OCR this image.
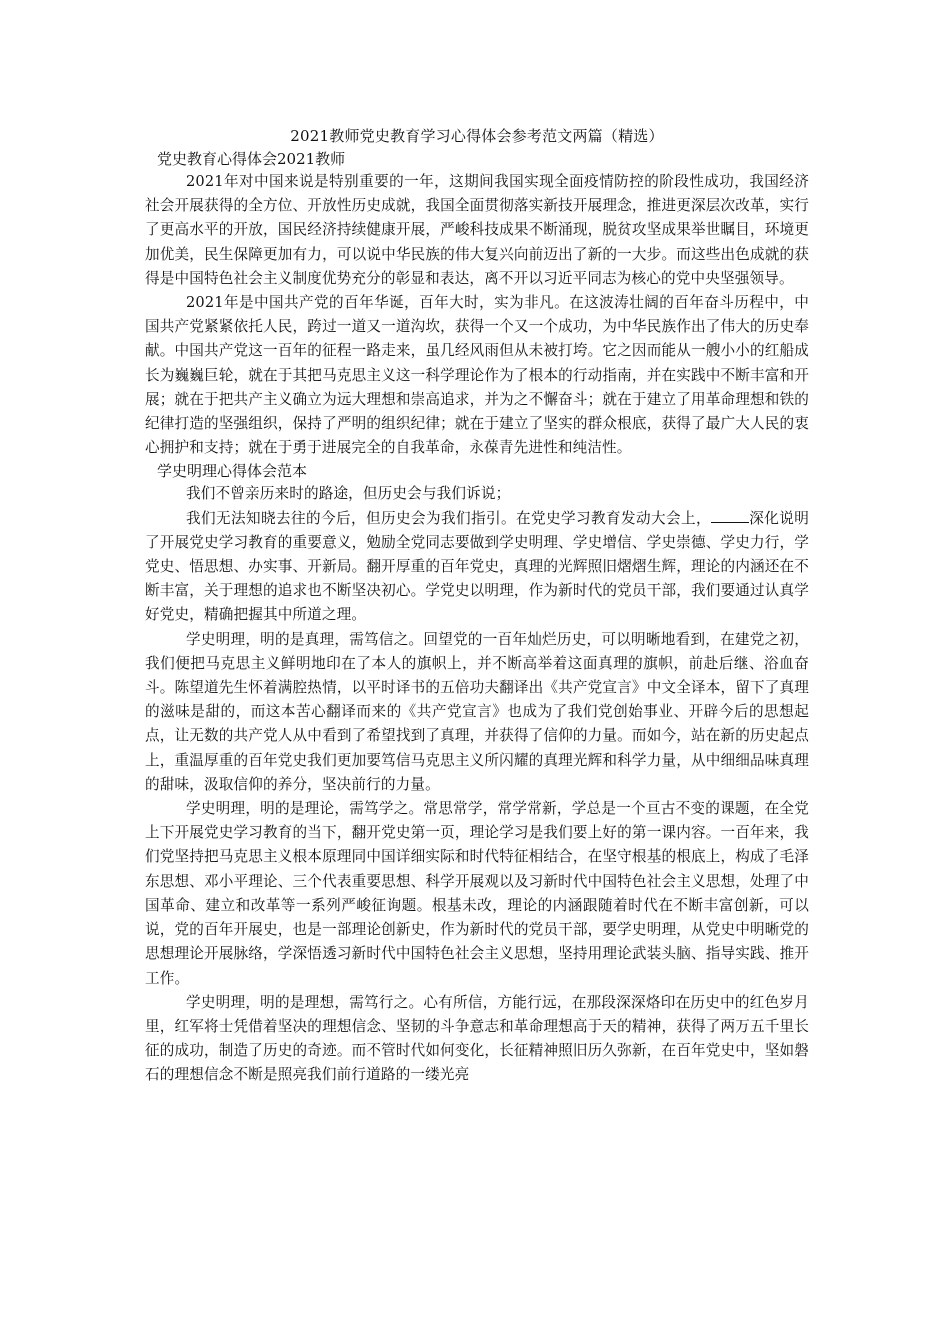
2021教师党史教育学习心得体会参考范文两篇（精选）

党史教育心得体会2021教师

2021年对中国来说是特别重要的一年，这期间我国实现全面疫情防控的阶段性成功，我国经济社会开展获得的全方位、开放性历史成就，我国全面贯彻落实新技开展理念，推进更深层次改革，实行了更高水平的开放，国民经济持续健康开展，严峻科技成果不断涌现，脱贫攻坚成果举世瞩目，环境更加优美，民生保障更加有力，可以说中华民族的伟大复兴向前迈出了新的一大步。而这些出色成就的获得是中国特色社会主义制度优势充分的彰显和表达，离不开以习近平同志为核心的党中央坚强领导。

2021年是中国共产党的百年华诞，百年大时，实为非凡。在这波涛壮阔的百年奋斗历程中，中国共产党紧紧依托人民，跨过一道又一道沟坎，获得一个又一个成功，为中华民族作出了伟大的历史奉献。中国共产党这一百年的征程一路走来，虽几经风雨但从未被打垮。它之因而能从一艘小小的红船成长为巍巍巨轮，就在于其把马克思主义这一科学理论作为了根本的行动指南，并在实践中不断丰富和开展；就在于把共产主义确立为远大理想和崇高追求，并为之不懈奋斗；就在于建立了用革命理想和铁的纪律打造的坚强组织，保持了严明的组织纪律；就在于建立了坚实的群众根底，获得了最广大人民的衷心拥护和支持；就在于勇于进展完全的自我革命，永葆青先进性和纯洁性。

学史明理心得体会范本

我们不曾亲历来时的路途，但历史会与我们诉说；

我们无法知晓去往的今后，但历史会为我们指引。在党史学习教育发动大会上，	深化说明了开展党史学习教育的重要意义，勉励全党同志要做到学史明理、学史增信、学史崇德、学史力行，学党史、悟思想、办实事、开新局。翻开厚重的百年党史，真理的光辉照旧熠熠生辉，理论的内涵还在不断丰富，关于理想的追求也不断坚决初心。学党史以明理，作为新时代的党员干部，我们要通过认真学好党史，精确把握其中所道之理。

学史明理，明的是真理，需笃信之。回望党的一百年灿烂历史，可以明晰地看到，在建党之初，我们便把马克思主义鲜明地印在了本人的旗帜上，并不断高举着这面真理的旗帜，前赴后继、浴血奋斗。陈望道先生怀着满腔热情，以平时译书的五倍功夫翻译出《共产党宣言》中文全译本，留下了真理的滋味是甜的，而这本苦心翻译而来的《共产党宣言》也成为了我们党创始事业、开辟今后的思想起点，让无数的共产党人从中看到了希望找到了真理，并获得了信仰的力量。而如今，站在新的历史起点上，重温厚重的百年党史我们更加要笃信马克思主义所闪耀的真理光辉和科学力量，从中细细品味真理的甜味，汲取信仰的养分，坚决前行的力量。

学史明理，明的是理论，需笃学之。常思常学，常学常新，学总是一个亘古不变的课题，在全党上下开展党史学习教育的当下，翻开党史第一页，理论学习是我们要上好的第一课内容。一百年来，我们党坚持把马克思主义根本原理同中国详细实际和时代特征相结合，在坚守根基的根底上，构成了毛泽东思想、邓小平理论、三个代表重要思想、科学开展观以及习新时代中国特色社会主义思想，处理了中国革命、建立和改革等一系列严峻征询题。根基未改，理论的内涵跟随着时代在不断丰富创新，可以说，党的百年开展史，也是一部理论创新史，作为新时代的党员干部，要学史明理，从党史中明晰党的思想理论开展脉络，学深悟透习新时代中国特色社会主义思想，坚持用理论武装头脑、指导实践、推开工作。

学史明理，明的是理想，需笃行之。心有所信，方能行远，在那段深深烙印在历史中的红色岁月里，红军将士凭借着坚决的理想信念、坚韧的斗争意志和革命理想高于天的精神，获得了两万五千里长征的成功，制造了历史的奇迹。而不管时代如何变化，长征精神照旧历久弥新，在百年党史中，坚如磐石的理想信念不断是照亮我们前行道路的一缕光亮
